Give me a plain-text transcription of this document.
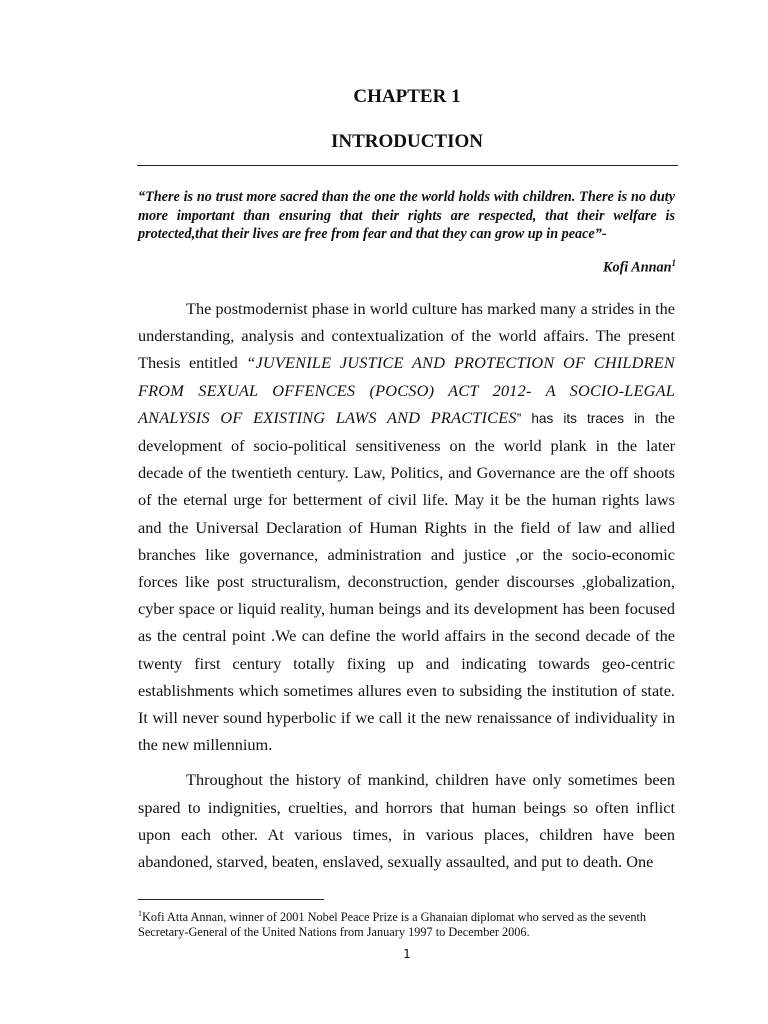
CHAPTER 1
INTRODUCTION
“There is no trust more sacred than the one the world holds with children. There is no duty more important than ensuring that their rights are respected, that their welfare is protected,that their lives are free from fear and that they can grow up in peace”-
Kofi Annan$^1$

The postmodernist phase in world culture has marked many a strides in the understanding, analysis and contextualization of the world affairs. The present Thesis entitled “JUVENILE JUSTICE AND PROTECTION OF CHILDREN FROM SEXUAL OFFENCES (POCSO) ACT 2012- A SOCIO-LEGAL ANALYSIS OF EXISTING LAWS AND PRACTICES” has its traces in the development of socio-political sensitiveness on the world plank in the later decade of the twentieth century. Law, Politics, and Governance are the off shoots of the eternal urge for betterment of civil life. May it be the human rights laws and the Universal Declaration of Human Rights in the field of law and allied branches like governance, administration and justice ,or the socio-economic forces like post structuralism, deconstruction, gender discourses ,globalization, cyber space or liquid reality, human beings and its development has been focused as the central point .We can define the world affairs in the second decade of the twenty first century totally fixing up and indicating towards geo-centric establishments which sometimes allures even to subsiding the institution of state. It will never sound hyperbolic if we call it the new renaissance of individuality in the new millennium.

Throughout the history of mankind, children have only sometimes been spared to indignities, cruelties, and horrors that human beings so often inflict upon each other. At various times, in various places, children have been abandoned, starved, beaten, enslaved, sexually assaulted, and put to death. One

$^1$Kofi Atta Annan, winner of 2001 Nobel Peace Prize is a Ghanaian diplomat who served as the seventh Secretary-General of the United Nations from January 1997 to December 2006.
1
